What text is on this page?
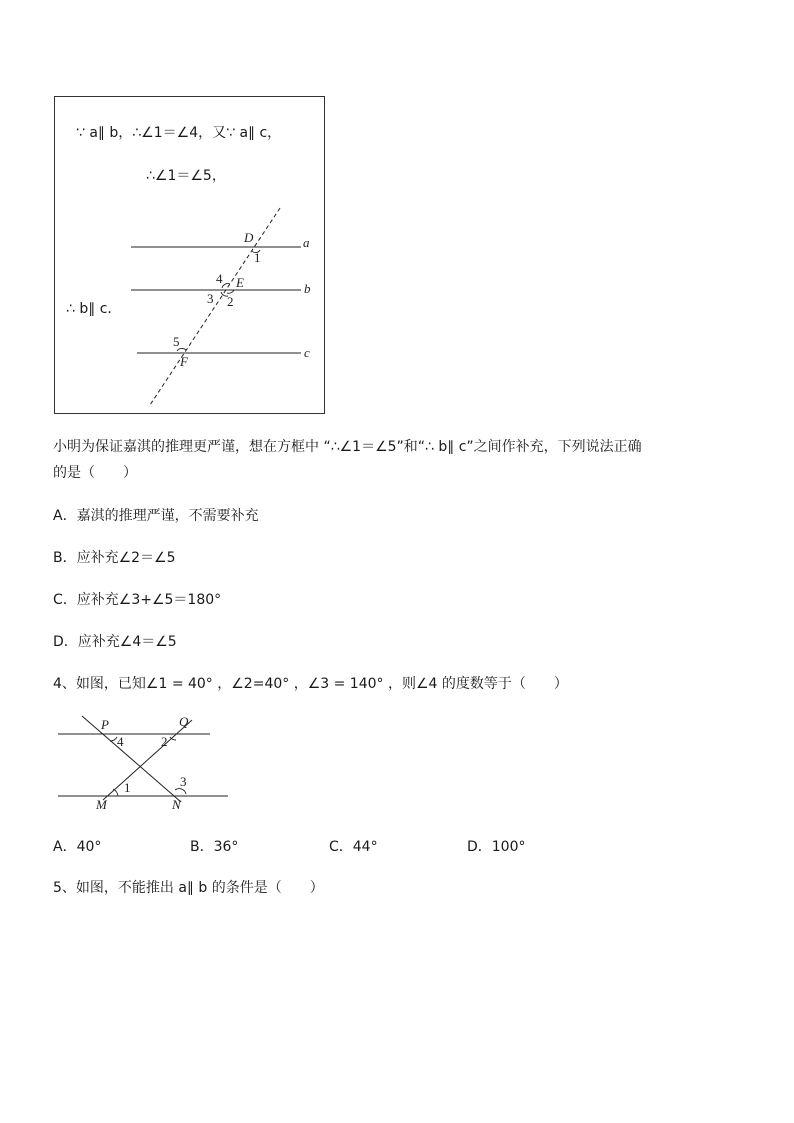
∵ a∥ b，∴∠1＝∠4，又∵ a∥ c，
∴∠1＝∠5，
∴ b∥ c．
D
1
a
4 E	b
3 2
5
F
c
小明为保证嘉淇的推理更严谨，想在方框中 “∴∠1＝∠5”和“∴ b∥ c”之间作补充，下列说法正确
的是（　　）
A．嘉淇的推理严谨，不需要补充
B．应补充∠2＝∠5
C．应补充∠3+∠5＝180°
D．应补充∠4＝∠5
4、如图，已知∠1 = 40° ，∠2=40° ，∠3 = 140° ，则∠4 的度数等于（　　）
P	Q
4	2
1	3
M	N
A．40°	B．36°	C．44°	D．100°
5、如图，不能推出 a∥ b 的条件是（　　）
